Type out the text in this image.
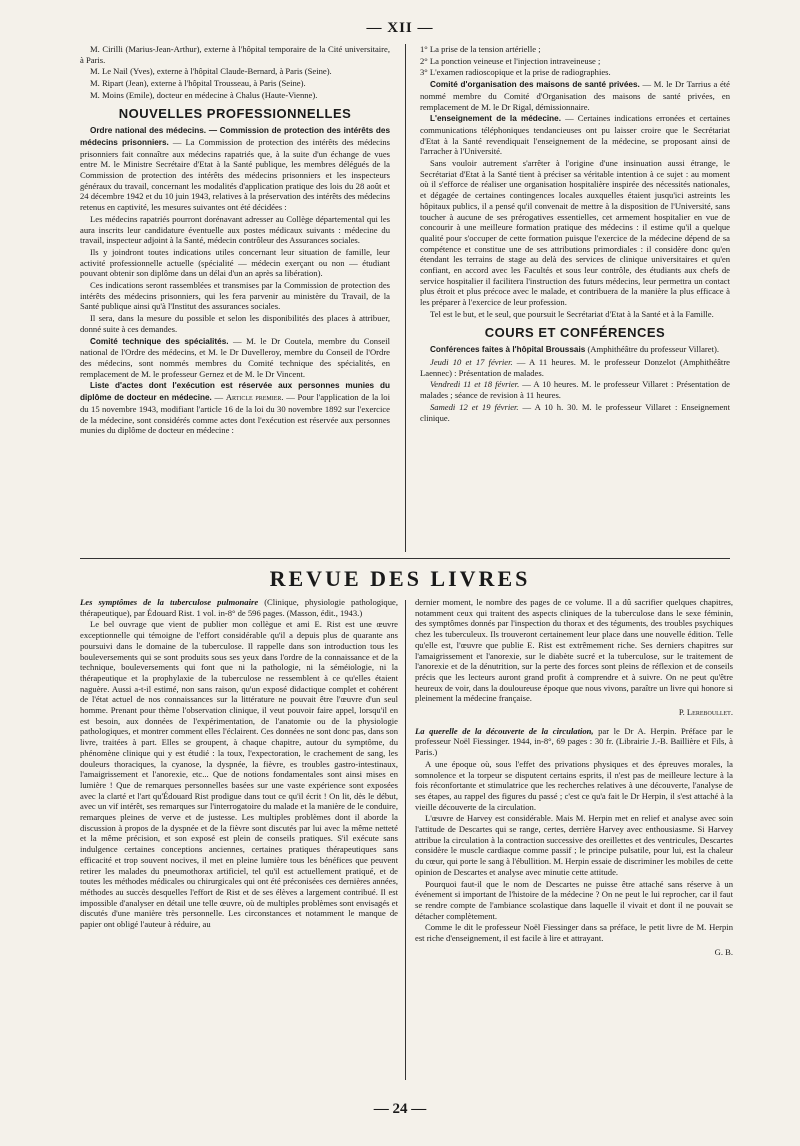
— XII —

M. Cirilli (Marius-Jean-Arthur), externe à l'hôpital temporaire de la Cité universitaire, à Paris.

M. Le Nail (Yves), externe à l'hôpital Claude-Bernard, à Paris (Seine).

M. Ripart (Jean), externe à l'hôpital Trousseau, à Paris (Seine).

M. Moins (Emile), docteur en médecine à Chalus (Haute-Vienne).

NOUVELLES PROFESSIONNELLES

Ordre national des médecins. — Commission de protection des intérêts des médecins prisonniers. — La Commission de protection des intérêts des médecins prisonniers fait connaître aux médecins rapatriés que, à la suite d'un échange de vues entre M. le Ministre Secrétaire d'Etat à la Santé publique, les membres délégués de la Commission de protection des intérêts des médecins prisonniers et les inspecteurs généraux du travail, concernant les modalités d'application pratique des lois du 28 août et 24 décembre 1942 et du 10 juin 1943, relatives à la préservation des intérêts des médecins retenus en captivité, les mesures suivantes ont été décidées :

Les médecins rapatriés pourront dorénavant adresser au Collège départemental qui les aura inscrits leur candidature éventuelle aux postes médicaux suivants : médecine du travail, inspecteur adjoint à la Santé, médecin contrôleur des Assurances sociales.

Ils y joindront toutes indications utiles concernant leur situation de famille, leur activité professionnelle actuelle (spécialité — médecin exerçant ou non — étudiant pouvant obtenir son diplôme dans un délai d'un an après sa libération).

Ces indications seront rassemblées et transmises par la Commission de protection des intérêts des médecins prisonniers, qui les fera parvenir au ministère du Travail, de la Santé publique ainsi qu'à l'Institut des assurances sociales.

Il sera, dans la mesure du possible et selon les disponibilités des places à attribuer, donné suite à ces demandes.

Comité technique des spécialités. — M. le Dr Coutela, membre du Conseil national de l'Ordre des médecins, et M. le Dr Duvelleroy, membre du Conseil de l'Ordre des médecins, sont nommés membres du Comité technique des spécialités, en remplacement de M. le professeur Gernez et de M. le Dr Vincent.

Liste d'actes dont l'exécution est réservée aux personnes munies du diplôme de docteur en médecine. — Article premier. — Pour l'application de la loi du 15 novembre 1943, modifiant l'article 16 de la loi du 30 novembre 1892 sur l'exercice de la médecine, sont considérés comme actes dont l'exécution est réservée aux personnes munies du diplôme de docteur en médecine :

1° La prise de la tension artérielle ;

2° La ponction veineuse et l'injection intraveineuse ;

3° L'examen radioscopique et la prise de radiographies.

Comité d'organisation des maisons de santé privées. — M. le Dr Tarrius a été nommé membre du Comité d'Organisation des maisons de santé privées, en remplacement de M. le Dr Rigal, démissionnaire.

L'enseignement de la médecine. — Certaines indications erronées et certaines communications téléphoniques tendancieuses ont pu laisser croire que le Secrétariat d'Etat à la Santé revendiquait l'enseignement de la médecine, se proposant ainsi de l'arracher à l'Université.

Sans vouloir autrement s'arrêter à l'origine d'une insinuation aussi étrange, le Secrétariat d'Etat à la Santé tient à préciser sa véritable intention à ce sujet : au moment où il s'efforce de réaliser une organisation hospitalière inspirée des nécessités nationales, et dégagée de certaines contingences locales auxquelles étaient jusqu'ici astreints les hôpitaux publics, il a pensé qu'il convenait de mettre à la disposition de l'Université, sans toucher à aucune de ses prérogatives essentielles, cet armement hospitalier en vue de concourir à une meilleure formation pratique des médecins : il estime qu'il a quelque qualité pour s'occuper de cette formation puisque l'exercice de la médecine dépend de sa compétence et constitue une de ses attributions primordiales : il considère donc qu'en étendant les terrains de stage au delà des services de clinique universitaires et qu'en confiant, en accord avec les Facultés et sous leur contrôle, des étudiants aux chefs de service hospitalier il facilitera l'instruction des futurs médecins, leur permettra un contact plus étroit et plus précoce avec le malade, et contribuera de la manière la plus efficace à les préparer à l'exercice de leur profession.

Tel est le but, et le seul, que poursuit le Secrétariat d'Etat à la Santé et à la Famille.

COURS ET CONFÉRENCES

Conférences faites à l'hôpital Broussais (Amphithéâtre du professeur Villaret).

Jeudi 10 et 17 février. — A 11 heures. M. le professeur Donzelot (Amphithéâtre Laennec) : Présentation de malades.

Vendredi 11 et 18 février. — A 10 heures. M. le professeur Villaret : Présentation de malades ; séance de revision à 11 heures.

Samedi 12 et 19 février. — A 10 h. 30. M. le professeur Villaret : Enseignement clinique.

REVUE DES LIVRES

Les symptômes de la tuberculose pulmonaire (Clinique, physiologie pathologique, thérapeutique), par Édouard Rist. 1 vol. in-8° de 596 pages. (Masson, édit., 1943.)

Le bel ouvrage que vient de publier mon collègue et ami E. Rist est une œuvre exceptionnelle qui témoigne de l'effort considérable qu'il a depuis plus de quarante ans poursuivi dans le domaine de la tuberculose. Il rappelle dans son introduction tous les bouleversements qui se sont produits sous ses yeux dans l'ordre de la connaissance et de la technique, bouleversements qui font que ni la pathologie, ni la séméiologie, ni la thérapeutique et la prophylaxie de la tuberculose ne ressemblent à ce qu'elles étaient naguère. Aussi a-t-il estimé, non sans raison, qu'un exposé didactique complet et cohérent de l'état actuel de nos connaissances sur la littérature ne pouvait être l'œuvre d'un seul homme. Prenant pour thème l'observation clinique, il veut pouvoir faire appel, lorsqu'il en est besoin, aux données de l'expérimentation, de l'anatomie ou de la physiologie pathologiques, et montrer comment elles l'éclairent. Ces données ne sont donc pas, dans son livre, traitées à part. Elles se groupent, à chaque chapitre, autour du symptôme, du phénomène clinique qui y est étudié : la toux, l'expectoration, le crachement de sang, les douleurs thoraciques, la cyanose, la dyspnée, la fièvre, es troubles gastro-intestinaux, l'amaigrissement et l'anorexie, etc... Que de notions fondamentales sont ainsi mises en lumière ! Que de remarques personnelles basées sur une vaste expérience sont exposées avec la clarté et l'art qu'Édouard Rist prodigue dans tout ce qu'il écrit ! On lit, dès le début, avec un vif intérêt, ses remarques sur l'interrogatoire du malade et la manière de le conduire, remarques pleines de verve et de justesse. Les multiples problèmes dont il aborde la discussion à propos de la dyspnée et de la fièvre sont discutés par lui avec la même netteté et la même précision, et son exposé est plein de conseils pratiques. S'il exécute sans indulgence certaines conceptions anciennes, certaines pratiques thérapeutiques sans efficacité et trop souvent nocives, il met en pleine lumière tous les bénéfices que peuvent retirer les malades du pneumothorax artificiel, tel qu'il est actuellement pratiqué, et de toutes les méthodes médicales ou chirurgicales qui ont été préconisées ces dernières années, méthodes au succès desquelles l'effort de Rist et de ses élèves a largement contribué. Il est impossible d'analyser en détail une telle œuvre, où de multiples problèmes sont envisagés et discutés d'une manière très personnelle. Les circonstances et notamment le manque de papier ont obligé l'auteur à réduire, au

dernier moment, le nombre des pages de ce volume. Il a dû sacrifier quelques chapitres, notamment ceux qui traitent des aspects cliniques de la tuberculose dans le sexe féminin, des symptômes donnés par l'inspection du thorax et des téguments, des troubles psychiques chez les tuberculeux. Ils trouveront certainement leur place dans une nouvelle édition. Telle qu'elle est, l'œuvre que publie E. Rist est extrêmement riche. Ses derniers chapitres sur l'amaigrissement et l'anorexie, sur le diabète sucré et la tuberculose, sur le traitement de l'anorexie et de la dénutrition, sur la perte des forces sont pleins de réflexion et de conseils précis que les lecteurs auront grand profit à comprendre et à suivre. On ne peut qu'être heureux de voir, dans la douloureuse époque que nous vivons, paraître un livre qui honore si pleinement la médecine française.

P. Lereboullet.

La querelle de la découverte de la circulation, par le Dr A. Herpin. Préface par le professeur Noël Fiessinger. 1944, in-8°, 69 pages : 30 fr. (Librairie J.-B. Baillière et Fils, à Paris.)

A une époque où, sous l'effet des privations physiques et des épreuves morales, la somnolence et la torpeur se disputent certains esprits, il n'est pas de meilleure lecture à la fois réconfortante et stimulatrice que les recherches relatives à une découverte, l'analyse de ses étapes, au rappel des figures du passé ; c'est ce qu'a fait le Dr Herpin, il s'est attaché à la vieille découverte de la circulation.

L'œuvre de Harvey est considérable. Mais M. Herpin met en relief et analyse avec soin l'attitude de Descartes qui se range, certes, derrière Harvey avec enthousiasme. Si Harvey attribue la circulation à la contraction successive des oreillettes et des ventricules, Descartes considère le muscle cardiaque comme passif ; le principe pulsatile, pour lui, est la chaleur du cœur, qui porte le sang à l'ébullition. M. Herpin essaie de discriminer les mobiles de cette opinion de Descartes et analyse avec minutie cette attitude.

Pourquoi faut-il que le nom de Descartes ne puisse être attaché sans réserve à un événement si important de l'histoire de la médecine ? On ne peut le lui reprocher, car il faut se rendre compte de l'ambiance scolastique dans laquelle il vivait et dont il ne pouvait se détacher complètement.

Comme le dit le professeur Noël Fiessinger dans sa préface, le petit livre de M. Herpin est riche d'enseignement, il est facile à lire et attrayant.

G. B.
— 24 —
